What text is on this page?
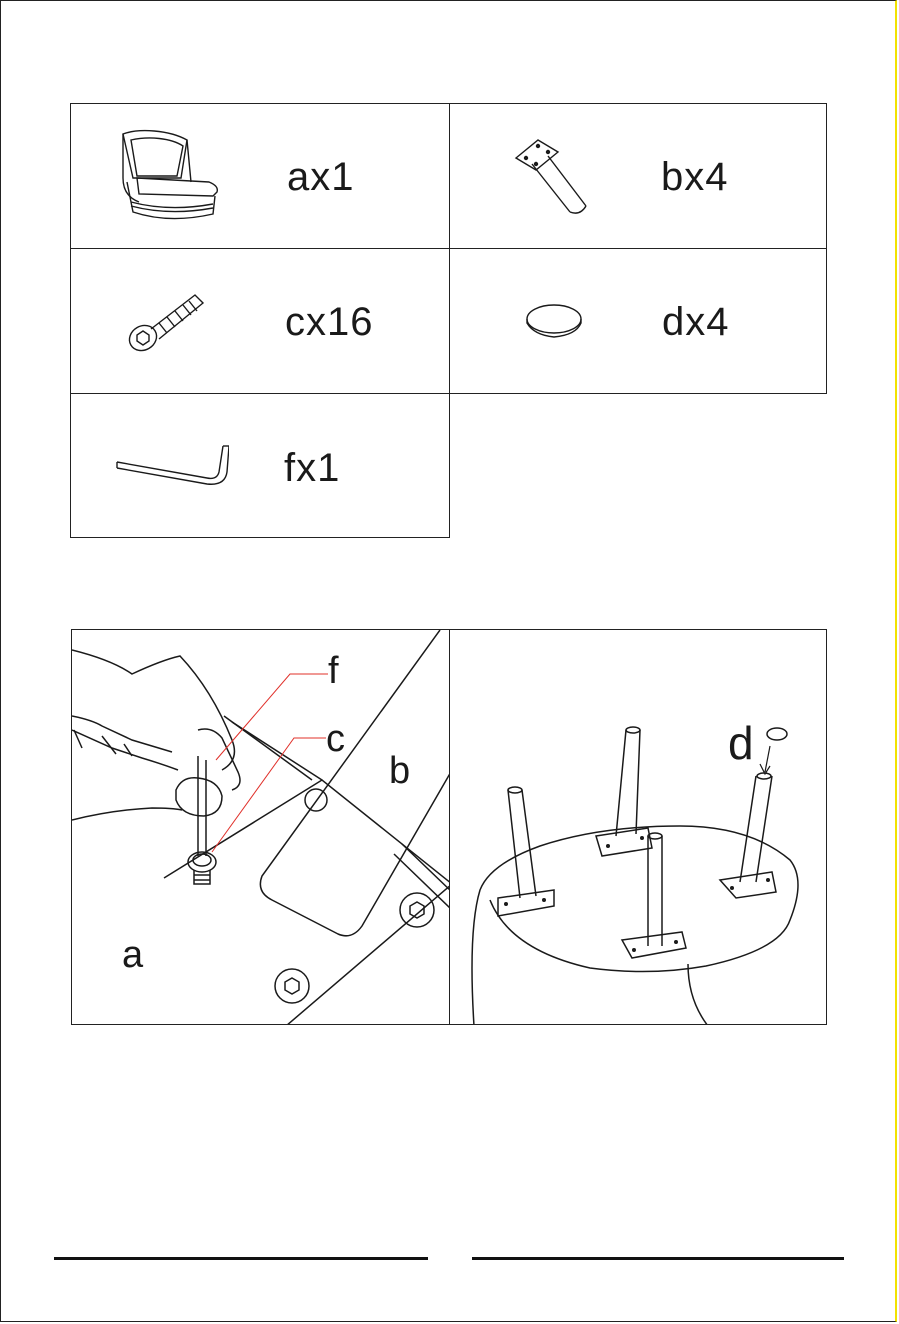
ax1	bx4
cx16	dx4
fx1
f
c
b
a
d
